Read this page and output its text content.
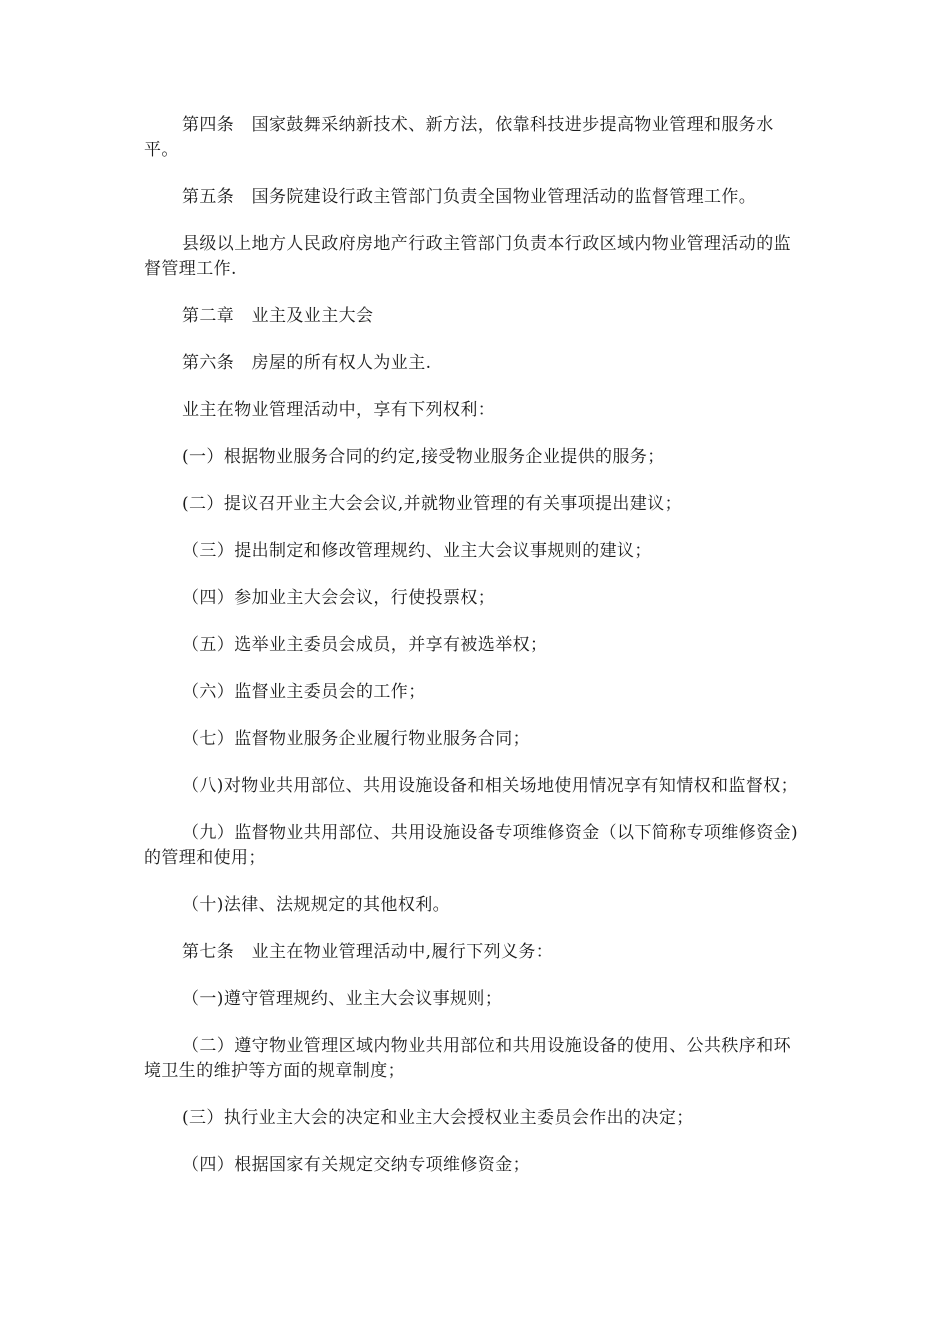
第四条　国家鼓舞采纳新技术、新方法，依靠科技进步提高物业管理和服务水平。

第五条　国务院建设行政主管部门负责全国物业管理活动的监督管理工作。

县级以上地方人民政府房地产行政主管部门负责本行政区域内物业管理活动的监督管理工作.

第二章　业主及业主大会

第六条　房屋的所有权人为业主.

业主在物业管理活动中，享有下列权利：

(一）根据物业服务合同的约定,接受物业服务企业提供的服务；

(二）提议召开业主大会会议,并就物业管理的有关事项提出建议；

（三）提出制定和修改管理规约、业主大会议事规则的建议；

（四）参加业主大会会议，行使投票权；

（五）选举业主委员会成员，并享有被选举权；

（六）监督业主委员会的工作；

（七）监督物业服务企业履行物业服务合同；

（八)对物业共用部位、共用设施设备和相关场地使用情况享有知情权和监督权；

（九）监督物业共用部位、共用设施设备专项维修资金（以下简称专项维修资金)的管理和使用；

（十)法律、法规规定的其他权利。

第七条　业主在物业管理活动中,履行下列义务：

（一)遵守管理规约、业主大会议事规则；

（二）遵守物业管理区域内物业共用部位和共用设施设备的使用、公共秩序和环境卫生的维护等方面的规章制度；

(三）执行业主大会的决定和业主大会授权业主委员会作出的决定；

（四）根据国家有关规定交纳专项维修资金；
